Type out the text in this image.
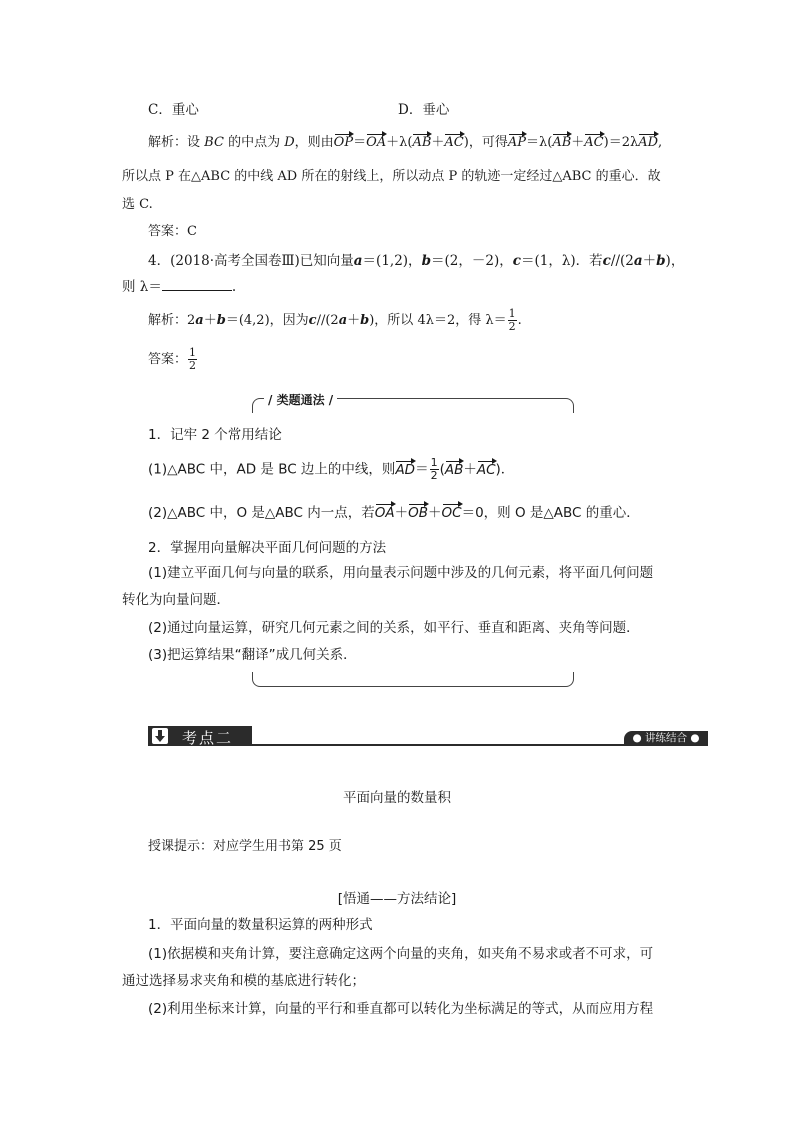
C．重心	D．垂心
解析：设 BC 的中点为 D，则由OP＝OA＋λ(AB＋AC)，可得AP＝λ(AB＋AC)＝2λAD,
所以点 P 在△ABC 的中线 AD 所在的射线上，所以动点 P 的轨迹一定经过△ABC 的重心．故
选 C.
答案：C
4．(2018·高考全国卷Ⅲ)已知向量a＝(1,2)，b＝(2，－2)，c＝(1，λ)．若c//(2a＋b)，
则 λ＝	.
解析：2a＋b＝(4,2)，因为c//(2a＋b)，所以 4λ＝2，得 $\lambda= \frac{1}{2}$ .
答案： $\frac{1}{2}$
/ 类题通法 /
1．记牢 2 个常用结论
(1)△ABC 中，AD 是 BC 边上的中线，则$AD= \frac{1}{2} (AB+AC)$．
(2)△ABC 中，O 是△ABC 内一点，若OA＋OB＋OC＝0，则 O 是△ABC 的重心．
2．掌握用向量解决平面几何问题的方法
(1)建立平面几何与向量的联系，用向量表示问题中涉及的几何元素，将平面几何问题
转化为向量问题．
(2)通过向量运算，研究几何元素之间的关系，如平行、垂直和距离、夹角等问题．
(3)把运算结果“翻译”成几何关系．
考点二	● 讲练结合 ●
平面向量的数量积
授课提示：对应学生用书第 25 页
[悟通——方法结论]
1．平面向量的数量积运算的两种形式
(1)依据模和夹角计算，要注意确定这两个向量的夹角，如夹角不易求或者不可求，可
通过选择易求夹角和模的基底进行转化；
(2)利用坐标来计算，向量的平行和垂直都可以转化为坐标满足的等式，从而应用方程
